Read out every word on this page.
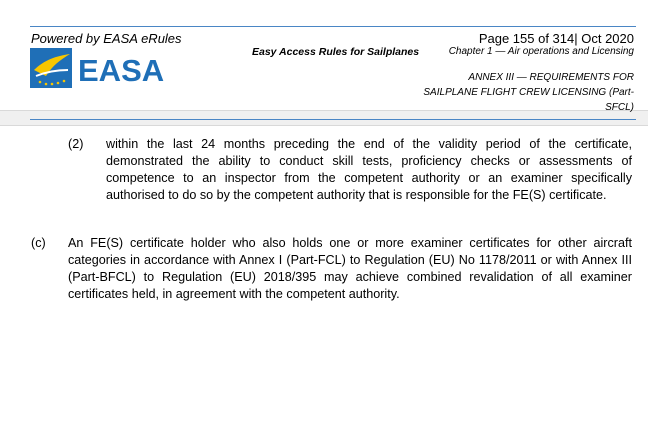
Powered by EASA eRules	Page 155 of 314| Oct 2020
EASA
Easy Access Rules for Sailplanes	Chapter 1 — Air operations and Licensing
ANNEX III — REQUIREMENTS FOR
SAILPLANE FLIGHT CREW LICENSING (Part-
SFCL)
(2) within the last 24 months preceding the end of the validity period of the certificate, demonstrated the ability to conduct skill tests, proficiency checks or assessments of competence to an inspector from the competent authority or an examiner specifically authorised to do so by the competent authority that is responsible for the FE(S) certificate.
(c) An FE(S) certificate holder who also holds one or more examiner certificates for other aircraft categories in accordance with Annex I (Part-FCL) to Regulation (EU) No 1178/2011 or with Annex III (Part-BFCL) to Regulation (EU) 2018/395 may achieve combined revalidation of all examiner certificates held, in agreement with the competent authority.
